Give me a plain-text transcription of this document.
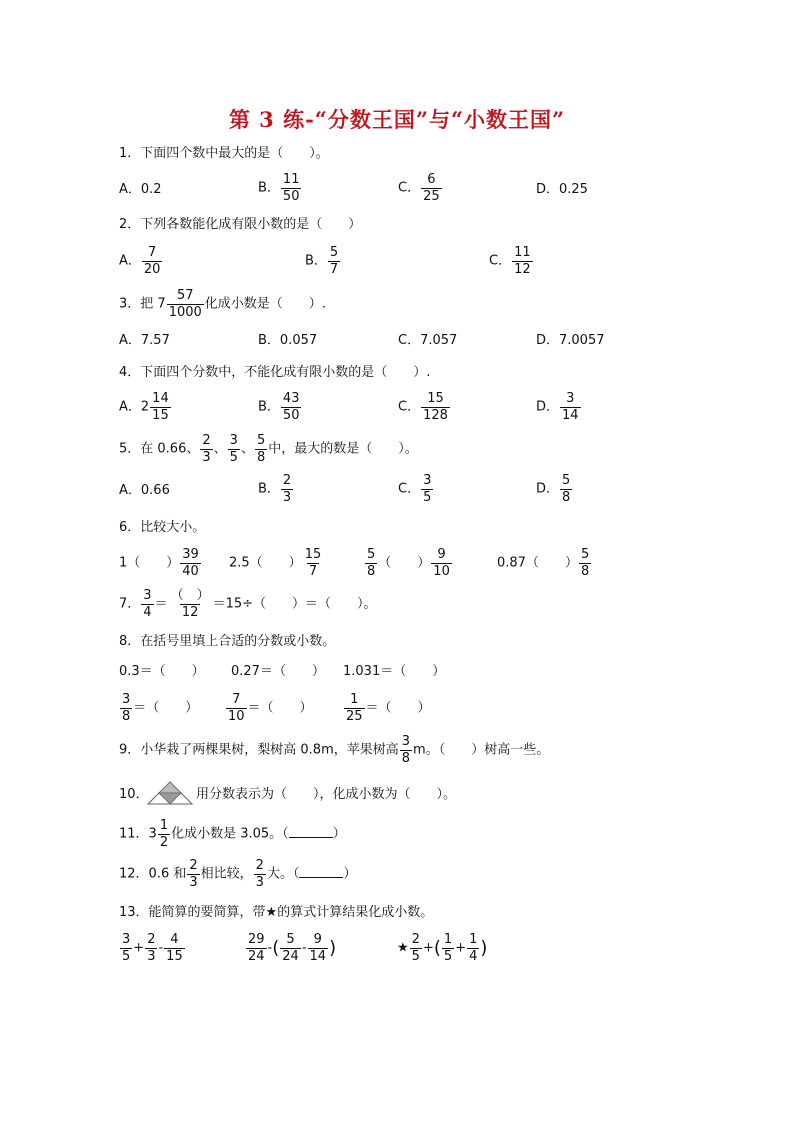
第 3 练-“分数王国”与“小数王国”
1．下面四个数中最大的是（　　）。
A．0.2	B． $\frac{11}{50}$	C． $\frac{6}{25}$	D．0.25
2．下列各数能化成有限小数的是（　　）
A． $\frac{7}{20}$	B． $\frac{5}{7}$	C． $\frac{11}{12}$
3．把 $7 \frac{57}{1000}$ 化成小数是（　　）.
A．7.57	B．0.057	C．7.057	D．7.0057
4．下面四个分数中，不能化成有限小数的是（　　）.
A．$2 \frac{14}{15}$	B． $\frac{43}{50}$	C． $\frac{15}{128}$	D． $\frac{3}{14}$
5．在 0.66、 $\frac{2}{3}$ 、 $\frac{3}{5}$ 、 $\frac{5}{8}$ 中，最大的数是（　　）。
A．0.66	B． $\frac{2}{3}$	C． $\frac{3}{5}$	D． $\frac{5}{8}$
6．比较大小。
1（　　） $\frac{39}{40} 2.5$（　　） $\frac{15}{7}$	$\frac{5}{8}$ （　　） $\frac{9}{10}$	0.87（　　） $\frac{5}{8}$
7． $\frac{3}{4}$ ＝
（　）
12
＝15÷（　　）＝（　　）。
8．在括号里填上合适的分数或小数。
0.3＝（　　） 0.27＝（　　） 1.031＝（　　）
$\frac{3}{8}$ ＝（　　） $\frac{7}{10}$ ＝（　　） $\frac{1}{25}$ ＝（　　）
9．小华栽了两棵果树，梨树高 0.8m，苹果树高 $\frac{3}{8}$ m。（　　）树高一些。
10．	用分数表示为（　　），化成小数为（　　）。
11．$3 \frac{1}{2}$ 化成小数是 3.05。（	）
12．0.6 和 $\frac{2}{3}$ 相比较， $\frac{2}{3}$ 大。（	）
13．能简算的要简算，带★的算式计算结果化成小数。
$\frac{3}{5} + \frac{2}{3} - \frac{4}{15}$	$\frac{29}{24}$ -( $\frac{5}{24} - \frac{9}{14}$ )	★ $\frac{2}{5}$ +( $\frac{1}{5} + \frac{1}{4}$ )
